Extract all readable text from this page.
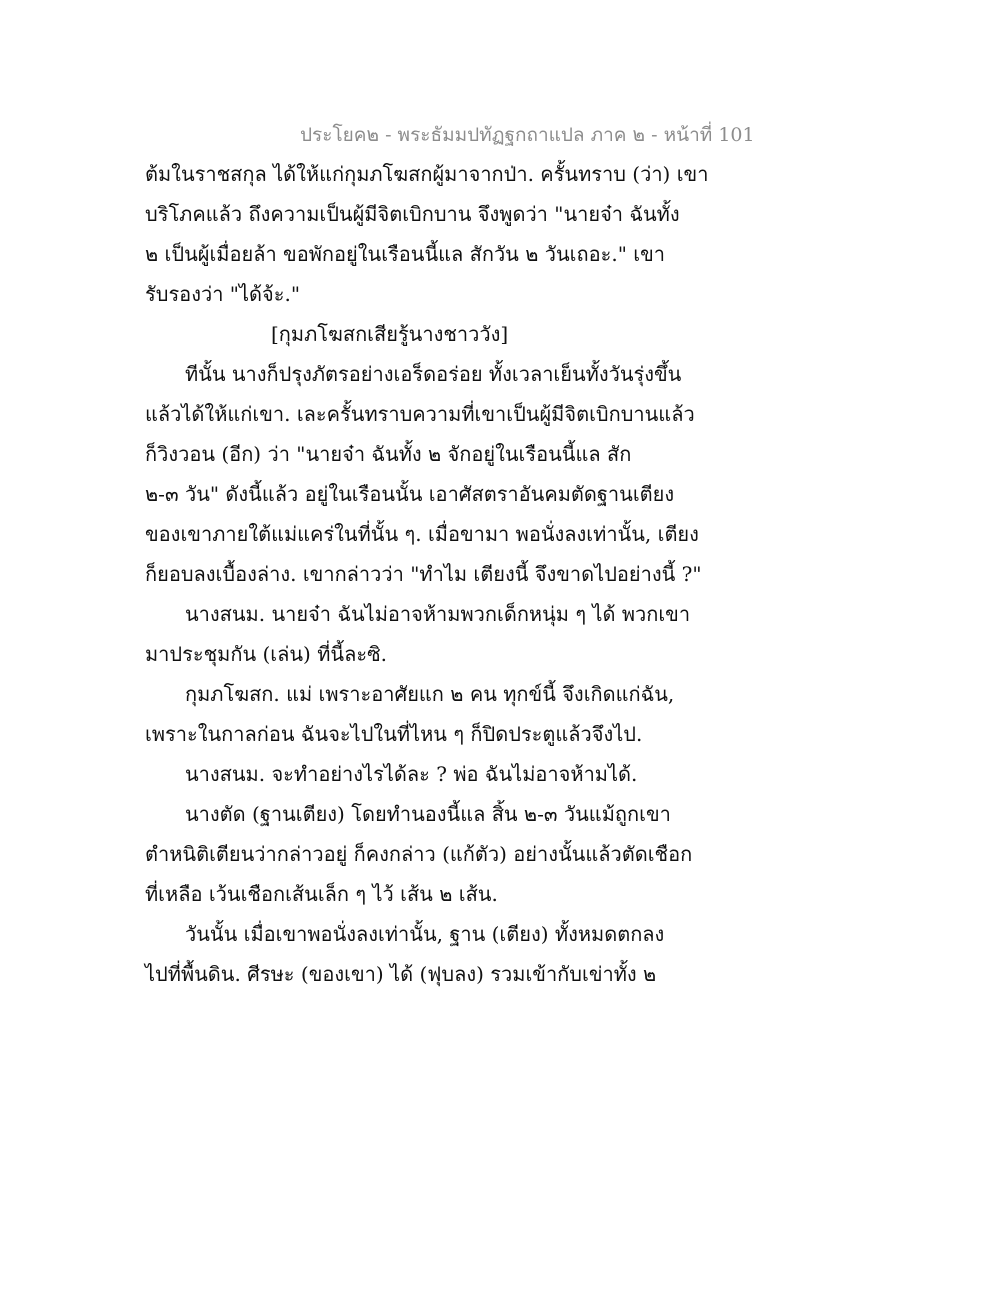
ประโยค๒ - พระธัมมปทัฏฐกถาแปล ภาค ๒ - หน้าที่ 101
ต้มในราชสกุล ได้ให้แก่กุมภโฆสกผู้มาจากป่า. ครั้นทราบ (ว่า) เขา
บริโภคแล้ว ถึงความเป็นผู้มีจิตเบิกบาน จึงพูดว่า "นายจ๋า ฉันทั้ง
๒ เป็นผู้เมื่อยล้า ขอพักอยู่ในเรือนนี้แล สักวัน ๒ วันเถอะ." เขา
รับรองว่า "ได้จ้ะ."
[กุมภโฆสกเสียรู้นางชาววัง]
ทีนั้น นางก็ปรุงภัตรอย่างเอร็ดอร่อย ทั้งเวลาเย็นทั้งวันรุ่งขึ้น
แล้วได้ให้แก่เขา. เละครั้นทราบความที่เขาเป็นผู้มีจิตเบิกบานแล้ว
ก็วิงวอน (อีก) ว่า "นายจ๋า ฉันทั้ง ๒ จักอยู่ในเรือนนี้แล สัก
๒-๓ วัน" ดังนี้แล้ว อยู่ในเรือนนั้น เอาศัสตราอันคมตัดฐานเตียง
ของเขาภายใต้แม่แคร่ในที่นั้น ๆ. เมื่อขามา พอนั่งลงเท่านั้น, เตียง
ก็ยอบลงเบื้องล่าง. เขากล่าวว่า "ทำไม เตียงนี้ จึงขาดไปอย่างนี้ ?"
นางสนม. นายจ๋า ฉันไม่อาจห้ามพวกเด็กหนุ่ม ๆ ได้ พวกเขา
มาประชุมกัน (เล่น) ที่นี้ละซิ.
กุมภโฆสก. แม่ เพราะอาศัยแก ๒ คน ทุกข์นี้ จึงเกิดแก่ฉัน,
เพราะในกาลก่อน ฉันจะไปในที่ไหน ๆ ก็ปิดประตูแล้วจึงไป.
นางสนม. จะทำอย่างไรได้ละ ? พ่อ ฉันไม่อาจห้ามได้.
นางตัด (ฐานเตียง) โดยทำนองนี้แล สิ้น ๒-๓ วันแม้ถูกเขา
ตำหนิติเตียนว่ากล่าวอยู่ ก็คงกล่าว (แก้ตัว) อย่างนั้นแล้วตัดเชือก
ที่เหลือ เว้นเชือกเส้นเล็ก ๆ ไว้ เส้น ๒ เส้น.
วันนั้น เมื่อเขาพอนั่งลงเท่านั้น, ฐาน (เตียง) ทั้งหมดตกลง
ไปที่พื้นดิน. ศีรษะ (ของเขา) ได้ (ฟุบลง) รวมเข้ากับเข่าทั้ง ๒
